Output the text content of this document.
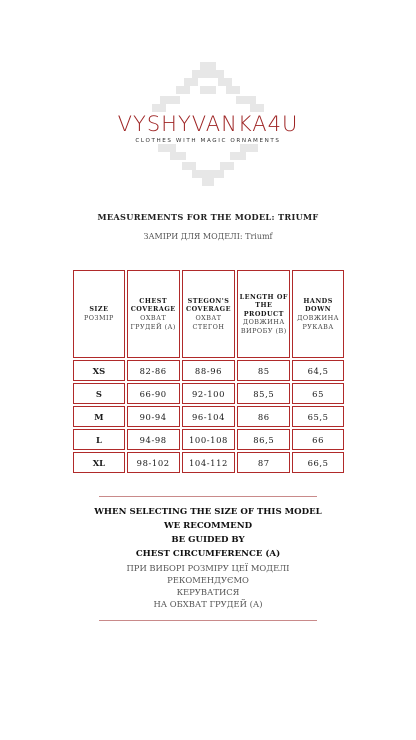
VYSHYVANKA4U
CLOTHES WITH MAGIC ORNAMENTS
MEASUREMENTS FOR THE MODEL: TRIUMF
ЗАМІРИ ДЛЯ МОДЕЛІ: Triumf
SIZE
РОЗМІР	CHEST
COVERAGE
ОХВАТ
ГРУДЕЙ (А)	STEGON'S
COVERAGE
ОХВАТ
СТЕГОН	LENGTH OF
THE
PRODUCT
ДОВЖИНА
ВИРОБУ (В)	HANDS
DOWN
ДОВЖИНА
РУКАВА

XS	82-86	88-96	85	64,5
S	66-90	92-100	85,5	65
M	90-94	96-104	86	65,5
L	94-98	100-108	86,5	66
XL	98-102	104-112	87	66,5
WHEN SELECTING THE SIZE OF THIS MODEL
WE RECOMMEND
BE GUIDED BY
CHEST CIRCUMFERENCE (A)
ПРИ ВИБОРІ РОЗМІРУ ЦЕЇ МОДЕЛІ
РЕКОМЕНДУЄМО
КЕРУВАТИСЯ
НА ОБХВАТ ГРУДЕЙ (А)
